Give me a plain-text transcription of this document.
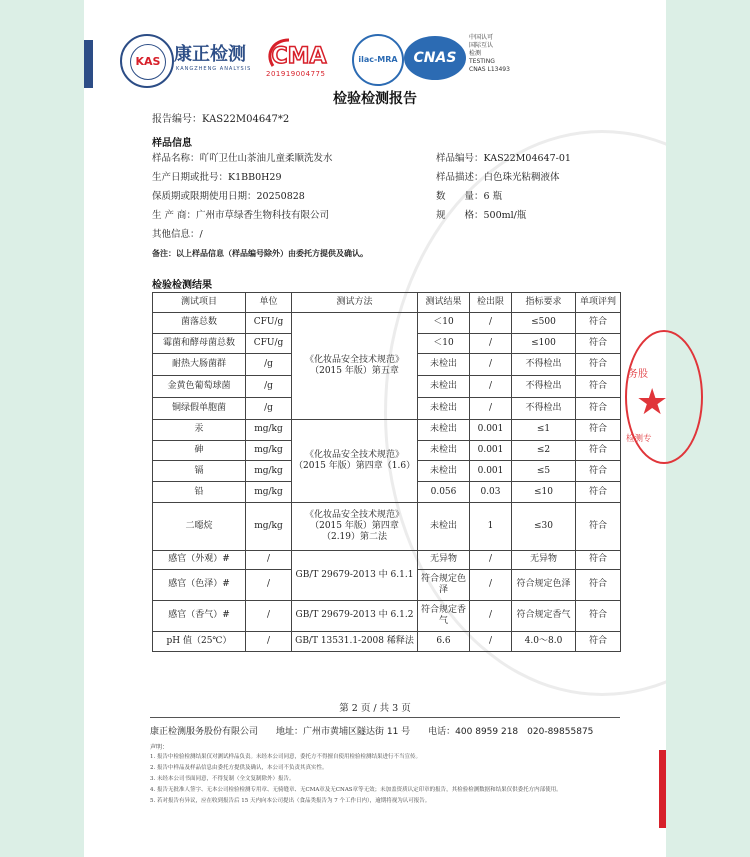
KAS 康正检测
KANGZHENG ANALYSIS CMA
201919004775
ilac-MRA	CNAS
中国认可
国际互认
检测
TESTING
CNAS L13493
检验检测报告
报告编号：KAS22M04647*2
样品信息
样品名称：吖吖卫仕山茶油儿童柔顺洗发水	样品编号：KAS22M04647-01
生产日期或批号：K1BB0H29	样品描述：白色珠光粘稠液体
保质期或限期使用日期：20250828	数　　量：6 瓶
生 产 商：广州市草绿香生物科技有限公司	规　　格：500ml/瓶
其他信息：/
备注：以上样品信息（样品编号除外）由委托方提供及确认。
检验检测结果
测试项目	单位	测试方法	测试结果	检出限	指标要求	单项评判
菌落总数	CFU/g	《化妆品安全技术规范》（2015 年版）第五章	＜10	/	≤500	符合
霉菌和酵母菌总数	CFU/g		＜10	/	≤100	符合
耐热大肠菌群	/g		未检出	/	不得检出	符合
金黄色葡萄球菌	/g		未检出	/	不得检出	符合
铜绿假单胞菌	/g		未检出	/	不得检出	符合
汞	mg/kg	《化妆品安全技术规范》（2015 年版）第四章（1.6）	未检出	0.001	≤1	符合
砷	mg/kg		未检出	0.001	≤2	符合
镉	mg/kg		未检出	0.001	≤5	符合
铅	mg/kg		0.056	0.03	≤10	符合
二噁烷	mg/kg	《化妆品安全技术规范》（2015 年版）第四章（2.19）第二法	未检出	1	≤30	符合
感官（外观）#	/	GB/T 29679-2013 中 6.1.1	无异物	/	无异物	符合
感官（色泽）#	/		符合规定色泽	/	符合规定色泽	符合
感官（香气）#	/	GB/T 29679-2013 中 6.1.2	符合规定香气	/	符合规定香气	符合
pH 值（25℃）	/	GB/T 13531.1-2008 稀释法	6.6	/	4.0～8.0	符合
第 2 页 / 共 3 页
康正检测服务股份有限公司　　地址：广州市黄埔区隧达街 11 号　　电话：400 8959 218　020-89855875
声明：
1. 报告中检验检测结果仅对测试样品负责。未经本公司同意，委托方不得擅自使用检验检测结果进行不当宣传。
2. 报告中样品及样品信息由委托方提供及确认，本公司不负责其真实性。
3. 未经本公司书面同意，不得复制（全文复制除外）报告。
4. 报告无批准人签字、无本公司检验检测专用章、无骑缝章、无CMA章及无CNAS章等无效；未加盖资质认定印章的报告，其检验检测数据和结果仅供委托方内部使用。
5. 若对报告有异议，应在收到报告后 15 天内向本公司提出（食品类报告为 7 个工作日内），逾期将视为认可报告。
务股
★
检测专
